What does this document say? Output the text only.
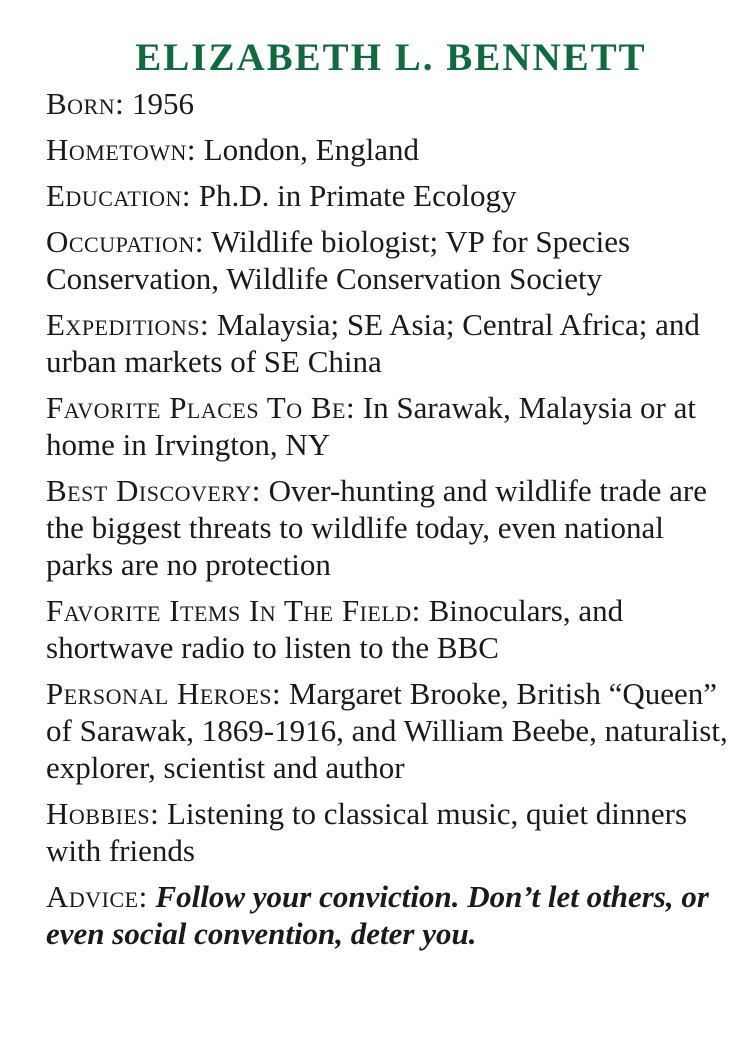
ELIZABETH L. BENNETT
Born: 1956
Hometown: London, England
Education: Ph.D. in Primate Ecology
Occupation: Wildlife biologist; VP for Species Conservation, Wildlife Conservation Society
Expeditions: Malaysia; SE Asia; Central Africa; and urban markets of SE China
Favorite Places To Be: In Sarawak, Malaysia or at home in Irvington, NY
Best Discovery: Over-hunting and wildlife trade are the biggest threats to wildlife today, even national parks are no protection
Favorite Items In The Field: Binoculars, and shortwave radio to listen to the BBC
Personal Heroes: Margaret Brooke, British “Queen” of Sarawak, 1869-1916, and William Beebe, naturalist, explorer, scientist and author
Hobbies: Listening to classical music, quiet dinners with friends
Advice: Follow your conviction. Don’t let others, or even social convention, deter you.
